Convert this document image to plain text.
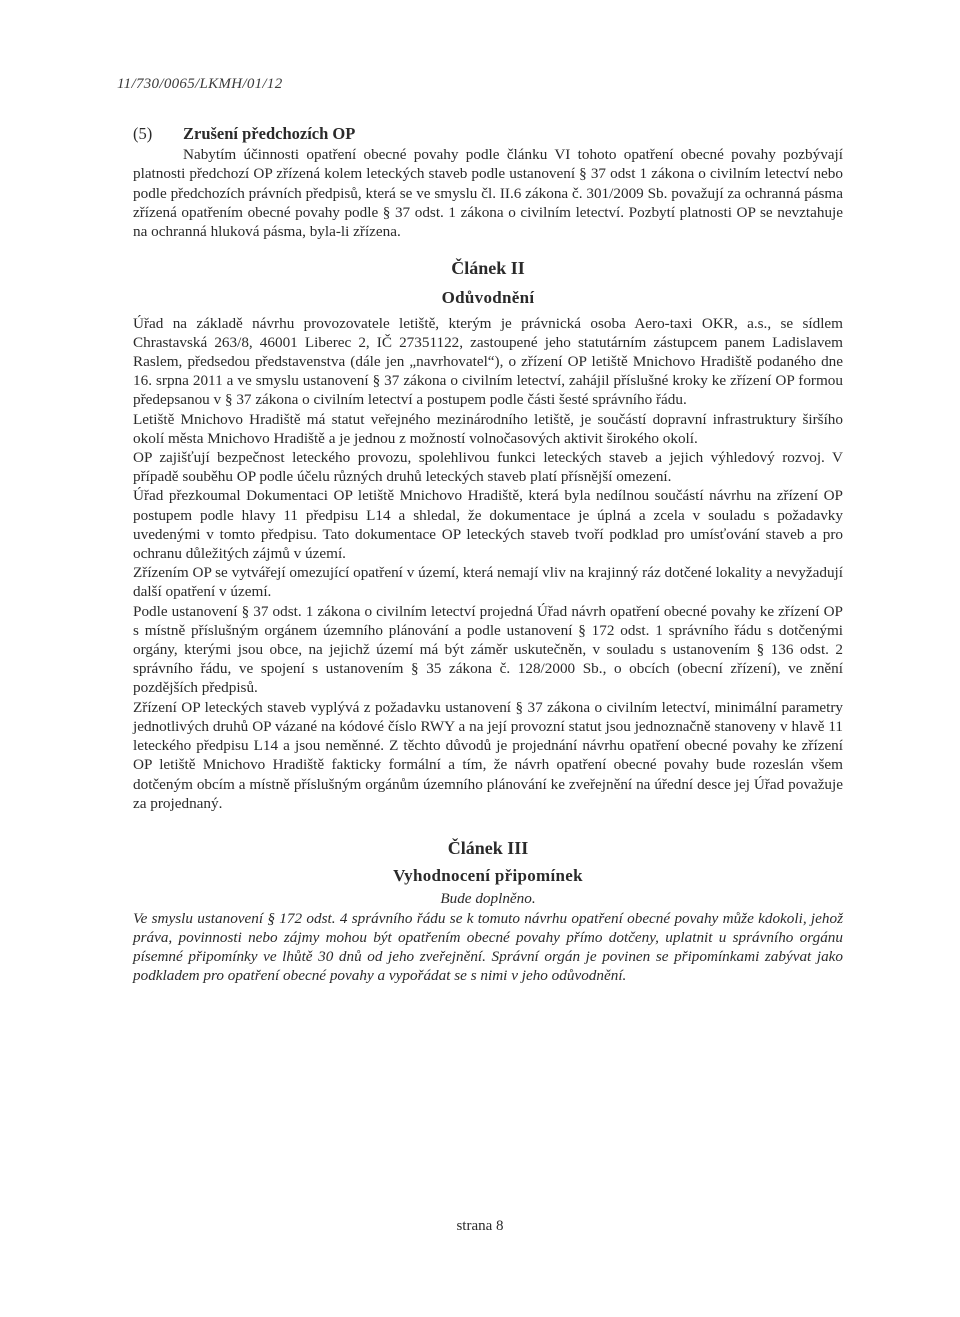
11/730/0065/LKMH/01/12
(5) Zrušení předchozích OP

Nabytím účinnosti opatření obecné povahy podle článku VI tohoto opatření obecné povahy pozbývají platnosti předchozí OP zřízená kolem leteckých staveb podle ustanovení § 37 odst 1 zákona o civilním letectví nebo podle předchozích právních předpisů, která se ve smyslu čl. II.6 zákona č. 301/2009 Sb. považují za ochranná pásma zřízená opatřením obecné povahy podle § 37 odst. 1 zákona o civilním letectví. Pozbytí platnosti OP se nevztahuje na ochranná hluková pásma, byla-li zřízena.

Článek II

Odůvodnění

Úřad na základě návrhu provozovatele letiště, kterým je právnická osoba Aero-taxi OKR, a.s., se sídlem Chrastavská 263/8, 46001 Liberec 2, IČ 27351122, zastoupené jeho statutárním zástupcem panem Ladislavem Raslem, předsedou představenstva (dále jen „navrhovatel“), o zřízení OP letiště Mnichovo Hradiště podaného dne 16. srpna 2011 a ve smyslu ustanovení § 37 zákona o civilním letectví, zahájil příslušné kroky ke zřízení OP formou předepsanou v § 37 zákona o civilním letectví a postupem podle části šesté správního řádu.

Letiště Mnichovo Hradiště má statut veřejného mezinárodního letiště, je součástí dopravní infrastruktury širšího okolí města Mnichovo Hradiště a je jednou z možností volnočasových aktivit širokého okolí.

OP zajišťují bezpečnost leteckého provozu, spolehlivou funkci leteckých staveb a jejich výhledový rozvoj. V případě souběhu OP podle účelu různých druhů leteckých staveb platí přísnější omezení.

Úřad přezkoumal Dokumentaci OP letiště Mnichovo Hradiště, která byla nedílnou součástí návrhu na zřízení OP postupem podle hlavy 11 předpisu L14 a shledal, že dokumentace je úplná a zcela v souladu s požadavky uvedenými v tomto předpisu. Tato dokumentace OP leteckých staveb tvoří podklad pro umísťování staveb a pro ochranu důležitých zájmů v území.

Zřízením OP se vytvářejí omezující opatření v území, která nemají vliv na krajinný ráz dotčené lokality a nevyžadují další opatření v území.

Podle ustanovení § 37 odst. 1 zákona o civilním letectví projedná Úřad návrh opatření obecné povahy ke zřízení OP s místně příslušným orgánem územního plánování a podle ustanovení § 172 odst. 1 správního řádu s dotčenými orgány, kterými jsou obce, na jejichž území má být záměr uskutečněn, v souladu s ustanovením § 136 odst. 2 správního řádu, ve spojení s ustanovením § 35 zákona č. 128/2000 Sb., o obcích (obecní zřízení), ve znění pozdějších předpisů.

Zřízení OP leteckých staveb vyplývá z požadavku ustanovení § 37 zákona o civilním letectví, minimální parametry jednotlivých druhů OP vázané na kódové číslo RWY a na její provozní statut jsou jednoznačně stanoveny v hlavě 11 leteckého předpisu L14 a jsou neměnné. Z těchto důvodů je projednání návrhu opatření obecné povahy ke zřízení OP letiště Mnichovo Hradiště fakticky formální a tím, že návrh opatření obecné povahy bude rozeslán všem dotčeným obcím a místně příslušným orgánům územního plánování ke zveřejnění na úřední desce jej Úřad považuje za projednaný.

Článek III

Vyhodnocení připomínek

Bude doplněno.

Ve smyslu ustanovení § 172 odst. 4 správního řádu se k tomuto návrhu opatření obecné povahy může kdokoli, jehož práva, povinnosti nebo zájmy mohou být opatřením obecné povahy přímo dotčeny, uplatnit u správního orgánu písemné připomínky ve lhůtě 30 dnů od jeho zveřejnění. Správní orgán je povinen se připomínkami zabývat jako podkladem pro opatření obecné povahy a vypořádat se s nimi v jeho odůvodnění.

strana 8
